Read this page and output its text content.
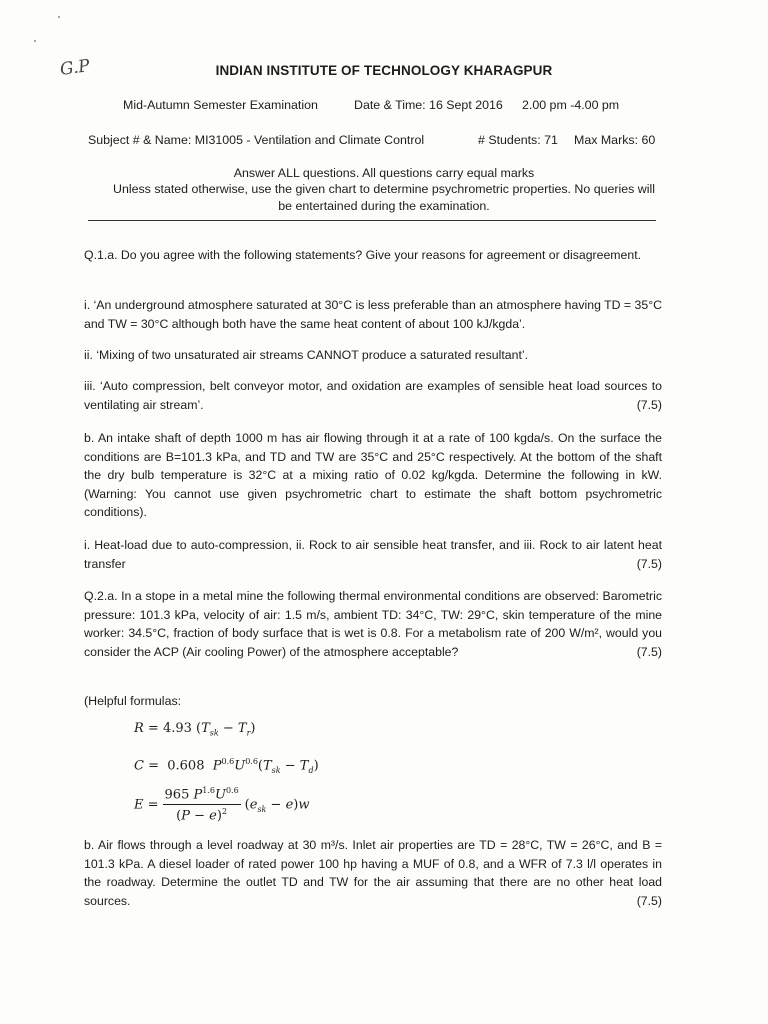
G.P	INDIAN INSTITUTE OF TECHNOLOGY KHARAGPUR
Mid-Autumn Semester Examination	Date & Time: 16 Sept 2016 2.00 pm -4.00 pm
Subject # & Name: MI31005 - Ventilation and Climate Control	# Students: 71 Max Marks: 60
Answer ALL questions. All questions carry equal marks
Unless stated otherwise, use the given chart to determine psychrometric properties. No queries will
be entertained during the examination.

Q.1.a. Do you agree with the following statements? Give your reasons for agreement or disagreement.

i. ‘An underground atmosphere saturated at 30°C is less preferable than an atmosphere having TD = 35°C and TW = 30°C although both have the same heat content of about 100 kJ/kgda’.

ii. ‘Mixing of two unsaturated air streams CANNOT produce a saturated resultant’.

iii. ‘Auto compression, belt conveyor motor, and oxidation are examples of sensible heat load sources to ventilating air stream’.	(7.5)

b. An intake shaft of depth 1000 m has air flowing through it at a rate of 100 kgda/s. On the surface the conditions are B=101.3 kPa, and TD and TW are 35°C and 25°C respectively. At the bottom of the shaft the dry bulb temperature is 32°C at a mixing ratio of 0.02 kg/kgda. Determine the following in kW. (Warning: You cannot use given psychrometric chart to estimate the shaft bottom psychrometric conditions).

i. Heat-load due to auto-compression, ii. Rock to air sensible heat transfer, and iii. Rock to air latent heat transfer	(7.5)

Q.2.a. In a stope in a metal mine the following thermal environmental conditions are observed: Barometric pressure: 101.3 kPa, velocity of air: 1.5 m/s, ambient TD: 34°C, TW: 29°C, skin temperature of the mine worker: 34.5°C, fraction of body surface that is wet is 0.8. For a metabolism rate of 200 W/m², would you consider the ACP (Air cooling Power) of the atmosphere acceptable?	(7.5)

(Helpful formulas:
R = 4.93 $(T_{sk} - T_r)$
C =  0.608  $P^{0.6}U^{0.6}(T_{sk} - T_d)$
$E = \frac{965 P^{1.6}U^{0.6}}{(P - e)^2} (e_{sk} - e)w$

b. Air flows through a level roadway at 30 m³/s. Inlet air properties are TD = 28°C, TW = 26°C, and B = 101.3 kPa. A diesel loader of rated power 100 hp having a MUF of 0.8, and a WFR of 7.3 l/l operates in the roadway. Determine the outlet TD and TW for the air assuming that there are no other heat load sources.	(7.5)
